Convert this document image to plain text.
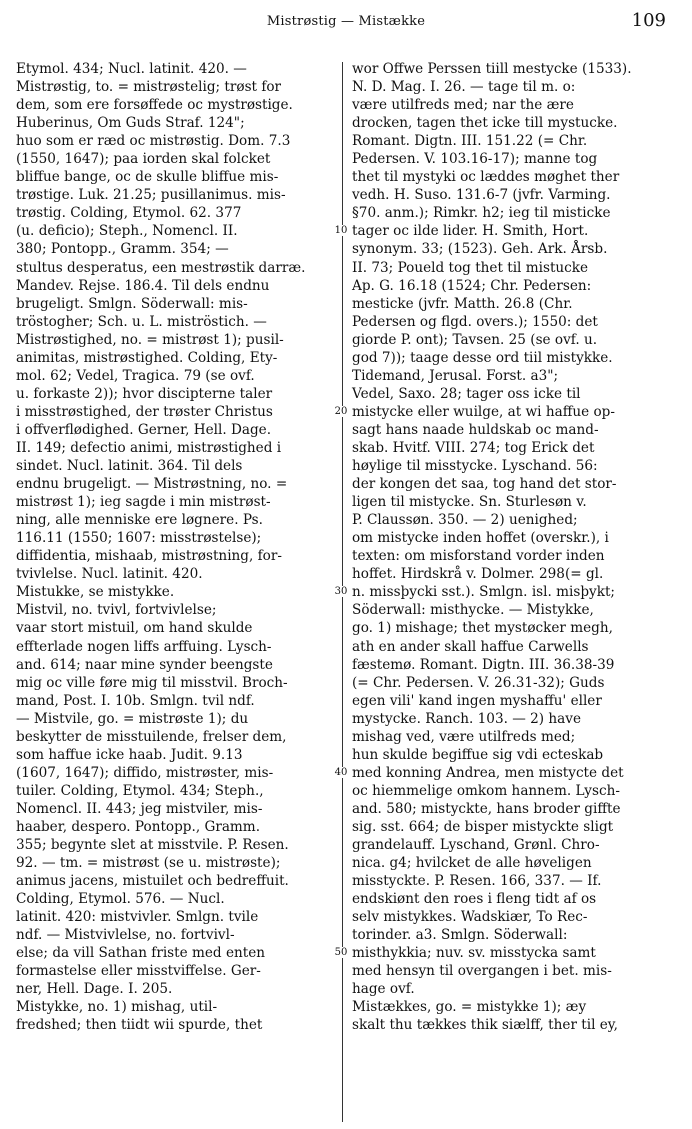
Mistrøstig — Mistække	109
Etymol. 434; Nucl. latinit. 420. —
Mistrøstig, to. = mistrøstelig; trøst for
dem, som ere forsøffede oc mystrøstige.
Huberinus, Om Guds Straf. 124";
huo som er ræd oc mistrøstig. Dom. 7.3
(1550, 1647); paa iorden skal folcket
bliffue bange, oc de skulle bliffue mis-
trøstige. Luk. 21.25; pusillanimus. mis-
trøstig. Colding, Etymol. 62. 377
(u. deficio); Steph., Nomencl. II.
380; Pontopp., Gramm. 354; —
stultus desperatus, een mestrøstik darræ.
Mandev. Rejse. 186.4. Til dels endnu
brugeligt. Smlgn. Söderwall: mis-
tröstogher; Sch. u. L. miströstich. —
Mistrøstighed, no. = mistrøst 1); pusil-
animitas, mistrøstighed. Colding, Ety-
mol. 62; Vedel, Tragica. 79 (se ovf.
u. forkaste 2)); hvor discipterne taler
i misstrøstighed, der trøster Christus
i offverflødighed. Gerner, Hell. Dage.
II. 149; defectio animi, mistrøstighed i
sindet. Nucl. latinit. 364. Til dels
endnu brugeligt. — Mistrøstning, no. =
mistrøst 1); ieg sagde i min mistrøst-
ning, alle menniske ere løgnere. Ps.
116.11 (1550; 1607: misstrøstelse);
diffidentia, mishaab, mistrøstning, for-
tvivlelse. Nucl. latinit. 420.
Mistukke, se mistykke.
Mistvil, no. tvivl, fortvivlelse;
vaar stort mistuil, om hand skulde
effterlade nogen liffs arffuing. Lysch-
and. 614; naar mine synder beengste
mig oc ville føre mig til misstvil. Broch-
mand, Post. I. 10b. Smlgn. tvil ndf.
— Mistvile, go. = mistrøste 1); du
beskytter de misstuilende, frelser dem,
som haffue icke haab. Judit. 9.13
(1607, 1647); diffido, mistrøster, mis-
tuiler. Colding, Etymol. 434; Steph.,
Nomencl. II. 443; jeg mistviler, mis-
haaber, despero. Pontopp., Gramm.
355; begynte slet at misstvile. P. Resen.
92. — tm. = mistrøst (se u. mistrøste);
animus jacens, mistuilet och bedreffuit.
Colding, Etymol. 576. — Nucl.
latinit. 420: mistvivler. Smlgn. tvile
ndf. — Mistvivlelse, no. fortvivl-
else; da vill Sathan friste med enten
formastelse eller misstviffelse. Ger-
ner, Hell. Dage. I. 205.
Mistykke, no. 1) mishag, util-
fredshed; then tiidt wii spurde, thet
10
20
30
40
50
wor Offwe Perssen tiill mestycke (1533).
N. D. Mag. I. 26. — tage til m. o:
være utilfreds med; nar the ære
drocken, tagen thet icke till mystucke.
Romant. Digtn. III. 151.22 (= Chr.
Pedersen. V. 103.16-17); manne tog
thet til mystyki oc læddes møghet ther
vedh. H. Suso. 131.6-7 (jvfr. Varming.
§70. anm.); Rimkr. h2; ieg til misticke
tager oc ilde lider. H. Smith, Hort.
synonym. 33; (1523). Geh. Ark. Årsb.
II. 73; Poueld tog thet til mistucke
Ap. G. 16.18 (1524; Chr. Pedersen:
mesticke (jvfr. Matth. 26.8 (Chr.
Pedersen og flgd. overs.); 1550: det
giorde P. ont); Tavsen. 25 (se ovf. u.
god 7)); taage desse ord tiil mistykke.
Tidemand, Jerusal. Forst. a3";
Vedel, Saxo. 28; tager oss icke til
mistycke eller wuilge, at wi haffue op-
sagt hans naade huldskab oc mand-
skab. Hvitf. VIII. 274; tog Erick det
høylige til misstycke. Lyschand. 56:
der kongen det saa, tog hand det stor-
ligen til mistycke. Sn. Sturlesøn v.
P. Claussøn. 350. — 2) uenighed;
om mistycke inden hoffet (overskr.), i
texten: om misforstand vorder inden
hoffet. Hirdskrå v. Dolmer. 298(= gl.
n. missþycki sst.). Smlgn. isl. misþykt;
Söderwall: misthycke. — Mistykke,
go. 1) mishage; thet mystøcker megh,
ath en ander skall haffue Carwells
fæstemø. Romant. Digtn. III. 36.38-39
(= Chr. Pedersen. V. 26.31-32); Guds
egen vili' kand ingen myshaffu' eller
mystycke. Ranch. 103. — 2) have
mishag ved, være utilfreds med;
hun skulde begiffue sig vdi ecteskab
med konning Andrea, men mistycte det
oc hiemmelige omkom hannem. Lysch-
and. 580; mistyckte, hans broder giffte
sig. sst. 664; de bisper mistyckte sligt
grandelauff. Lyschand, Grønl. Chro-
nica. g4; hvilcket de alle høveligen
misstyckte. P. Resen. 166, 337. — If.
endskiønt den roes i fleng tidt af os
selv mistykkes. Wadskiær, To Rec-
torinder. a3. Smlgn. Söderwall:
misthykkia; nuv. sv. misstycka samt
med hensyn til overgangen i bet. mis-
hage ovf.
Mistækkes, go. = mistykke 1); æy
skalt thu tækkes thik siælff, ther til ey,
